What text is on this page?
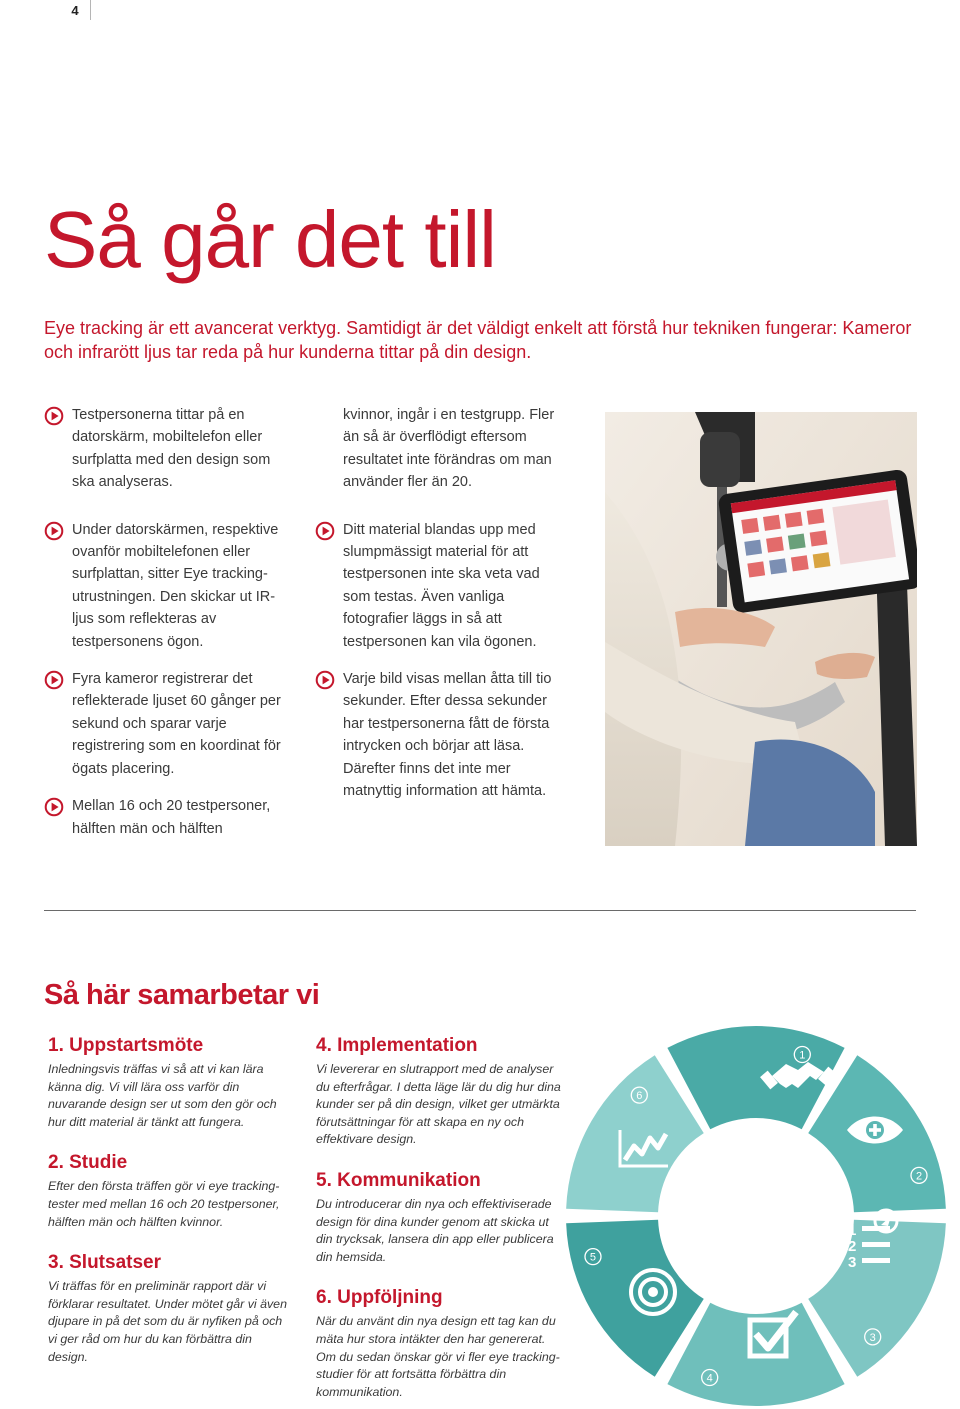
4
Så går det till

Eye tracking är ett avancerat verktyg. Samtidigt är det väldigt enkelt att förstå hur tekniken fungerar: Kameror och infrarött ljus tar reda på hur kunderna tittar på din design.

Testpersonerna tittar på en datorskärm, mobiltelefon eller surfplatta med den design som ska analyseras.
Under datorskärmen, respektive ovanför mobiltelefonen eller surfplattan, sitter Eye tracking-utrustningen. Den skickar ut IR-ljus som reflekteras av testpersonens ögon.
Fyra kameror registrerar det reflekterade ljuset 60 gånger per sekund och sparar varje registrering som en koordinat för ögats placering.
Mellan 16 och 20 testpersoner, hälften män och hälften
kvinnor, ingår i en testgrupp. Fler än så är överflödigt eftersom resultatet inte förändras om man använder fler än 20.
Ditt material blandas upp med slumpmässigt material för att testpersonen inte ska veta vad som testas. Även vanliga fotografier läggs in så att testpersonen kan vila ögonen.
Varje bild visas mellan åtta till tio sekunder. Efter dessa sekunder har testpersonerna fått de första intrycken och börjar att läsa. Därefter finns det inte mer matnyttig information att hämta.
Så här samarbetar vi
1. Uppstartsmöte

Inledningsvis träffas vi så att vi kan lära känna dig. Vi vill lära oss varför din nuvarande design ser ut som den gör och hur ditt material är tänkt att fungera.

2. Studie

Efter den första träffen gör vi eye tracking-tester med mellan 16 och 20 testpersoner, hälften män och hälften kvinnor.

3. Slutsatser

Vi träffas för en preliminär rapport där vi förklarar resultatet. Under mötet går vi även djupare in på det som du är nyfiken på och vi ger råd om hur du kan förbättra din design.

4. Implementation

Vi levererar en slutrapport med de analyser du efterfrågar. I detta läge lär du dig hur dina kunder ser på din design, vilket ger utmärkta förutsättningar för att skapa en ny och effektivare design.

5. Kommunikation

Du introducerar din nya och effektiviserade design för dina kunder genom att skicka ut din trycksak, lansera din app eller publicera din hemsida.

6. Uppföljning

När du använt din nya design ett tag kan du mäta hur stora intäkter den har genererat. Om du sedan önskar gör vi fler eye tracking-studier för att fortsätta förbättra din kommunikation.

1
2
3
4
5
6
1
2
3
